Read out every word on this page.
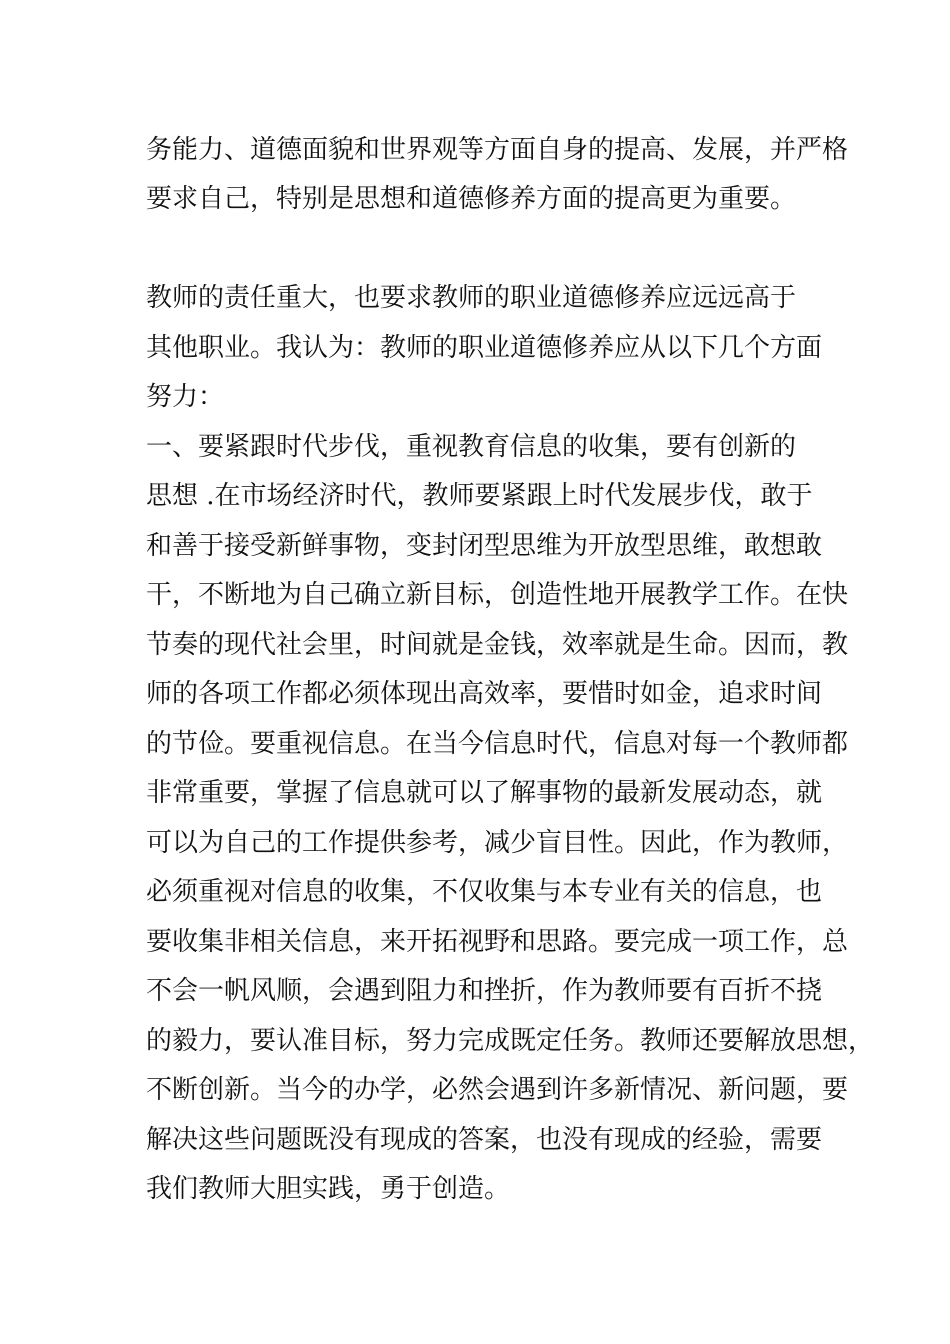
务能力、道德面貌和世界观等方面自身的提高、发展，并严格
要求自己，特别是思想和道德修养方面的提高更为重要。
教师的责任重大，也要求教师的职业道德修养应远远高于
其他职业。我认为：教师的职业道德修养应从以下几个方面
努力：
一、要紧跟时代步伐，重视教育信息的收集，要有创新的
思想 .在市场经济时代，教师要紧跟上时代发展步伐，敢于
和善于接受新鲜事物，变封闭型思维为开放型思维，敢想敢
干，不断地为自己确立新目标，创造性地开展教学工作。在快
节奏的现代社会里，时间就是金钱，效率就是生命。因而，教
师的各项工作都必须体现出高效率，要惜时如金，追求时间
的节俭。要重视信息。在当今信息时代，信息对每一个教师都
非常重要，掌握了信息就可以了解事物的最新发展动态，就
可以为自己的工作提供参考，减少盲目性。因此，作为教师，
必须重视对信息的收集，不仅收集与本专业有关的信息，也
要收集非相关信息，来开拓视野和思路。要完成一项工作，总
不会一帆风顺，会遇到阻力和挫折，作为教师要有百折不挠
的毅力，要认准目标，努力完成既定任务。教师还要解放思想，
不断创新。当今的办学，必然会遇到许多新情况、新问题，要
解决这些问题既没有现成的答案，也没有现成的经验，需要
我们教师大胆实践，勇于创造。
